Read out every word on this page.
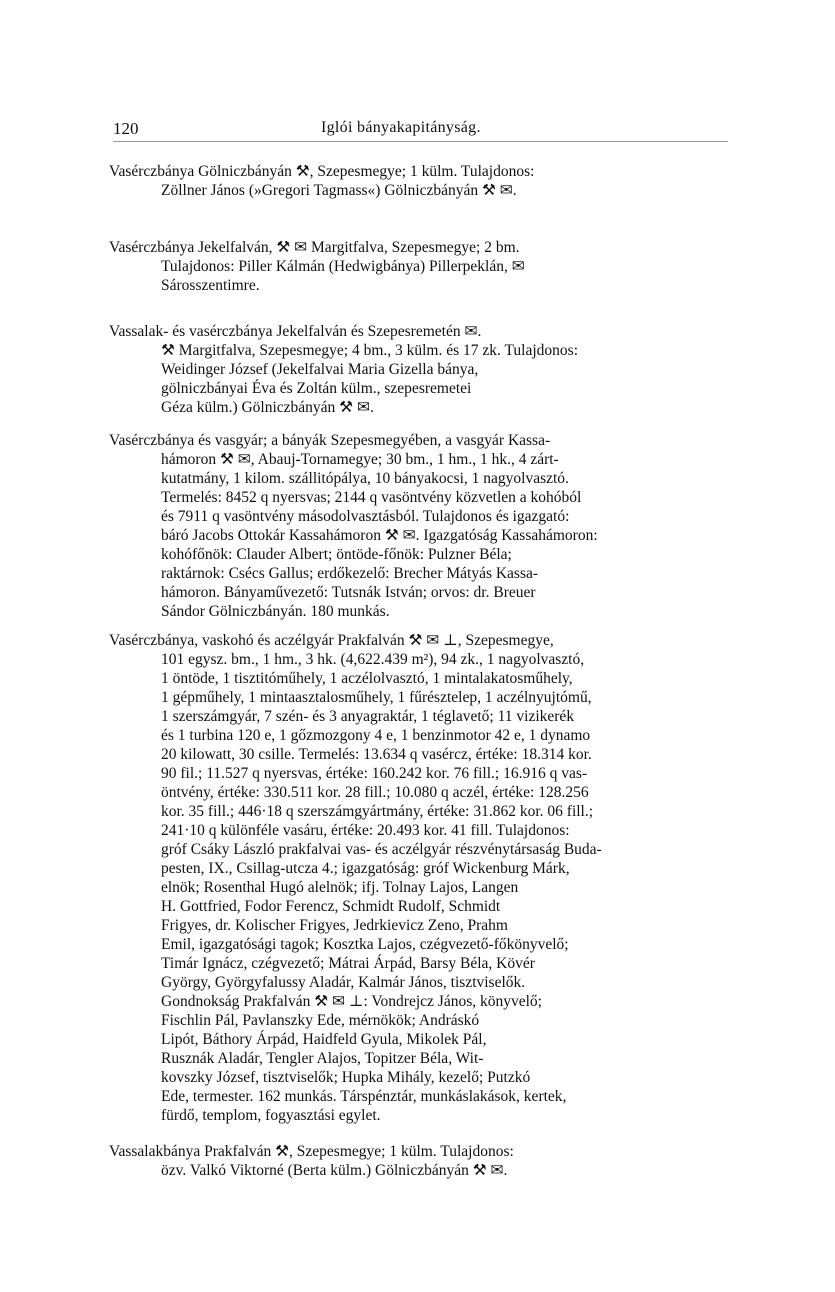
120	Iglói bányakapitányság.
Vasérczbánya Gölniczbányán ⚒, Szepesmegye; 1 külm. Tulajdonos:
Zöllner János (»Gregori Tagmass«) Gölniczbányán ⚒ ✉.
Vasérczbánya Jekelfalván, ⚒ ✉ Margitfalva, Szepesmegye; 2 bm.
Tulajdonos: Piller Kálmán (Hedwigbánya) Pillerpeklán, ✉
Sárosszentimre.
Vassalak- és vasérczbánya Jekelfalván és Szepesremetén ✉.
⚒ Margitfalva, Szepesmegye; 4 bm., 3 külm. és 17 zk. Tulajdonos:
Weidinger József (Jekelfalvai Maria Gizella bánya,
gölniczbányai Éva és Zoltán külm., szepesremetei
Géza külm.) Gölniczbányán ⚒ ✉.
Vasérczbánya és vasgyár; a bányák Szepesmegyében, a vasgyár Kassa-
hámoron ⚒ ✉, Abauj-Tornamegye; 30 bm., 1 hm., 1 hk., 4 zárt-
kutatmány, 1 kilom. szállitópálya, 10 bányakocsi, 1 nagyolvasztó.
Termelés: 8452 q nyersvas; 2144 q vasöntvény közvetlen a kohóból
és 7911 q vasöntvény másodolvasztásból. Tulajdonos és igazgató:
báró Jacobs Ottokár Kassahámoron ⚒ ✉. Igazgatóság Kassahámoron:
kohófőnök: Clauder Albert; öntöde-főnök: Pulzner Béla;
raktárnok: Csécs Gallus; erdőkezelő: Brecher Mátyás Kassa-
hámoron. Bányaművezető: Tutsnák István; orvos: dr. Breuer
Sándor Gölniczbányán. 180 munkás.
Vasérczbánya, vaskohó és aczélgyár Prakfalván ⚒ ✉ ⊥, Szepesmegye,
101 egysz. bm., 1 hm., 3 hk. (4,622.439 m²), 94 zk., 1 nagyolvasztó,
1 öntöde, 1 tisztitóműhely, 1 aczélolvasztó, 1 mintalakatosműhely,
1 gépműhely, 1 mintaasztalosműhely, 1 fűrésztelep, 1 aczélnyujtómű,
1 szerszámgyár, 7 szén- és 3 anyagraktár, 1 téglavető; 11 vizikerék
és 1 turbina 120 e, 1 gőzmozgony 4 e, 1 benzinmotor 42 e, 1 dynamo
20 kilowatt, 30 csille. Termelés: 13.634 q vasércz, értéke: 18.314 kor.
90 fil.; 11.527 q nyersvas, értéke: 160.242 kor. 76 fill.; 16.916 q vas-
öntvény, értéke: 330.511 kor. 28 fill.; 10.080 q aczél, értéke: 128.256
kor. 35 fill.; 446·18 q szerszámgyártmány, értéke: 31.862 kor. 06 fill.;
241·10 q különféle vasáru, értéke: 20.493 kor. 41 fill. Tulajdonos:
gróf Csáky László prakfalvai vas- és aczélgyár részvénytársaság Buda-
pesten, IX., Csillag-utcza 4.; igazgatóság: gróf Wickenburg Márk,
elnök; Rosenthal Hugó alelnök; ifj. Tolnay Lajos, Langen
H. Gottfried, Fodor Ferencz, Schmidt Rudolf, Schmidt
Frigyes, dr. Kolischer Frigyes, Jedrkievicz Zeno, Prahm
Emil, igazgatósági tagok; Kosztka Lajos, czégvezető-főkönyvelő;
Timár Ignácz, czégvezető; Mátrai Árpád, Barsy Béla, Kövér
György, Györgyfalussy Aladár, Kalmár János, tisztviselők.
Gondnokság Prakfalván ⚒ ✉ ⊥: Vondrejcz János, könyvelő;
Fischlin Pál, Pavlanszky Ede, mérnökök; Andráskó
Lipót, Báthory Árpád, Haidfeld Gyula, Mikolek Pál,
Rusznák Aladár, Tengler Alajos, Topitzer Béla, Wit-
kovszky József, tisztviselők; Hupka Mihály, kezelő; Putzkó
Ede, termester. 162 munkás. Társpénztár, munkáslakások, kertek,
fürdő, templom, fogyasztási egylet.
Vassalakbánya Prakfalván ⚒, Szepesmegye; 1 külm. Tulajdonos:
özv. Valkó Viktorné (Berta külm.) Gölniczbányán ⚒ ✉.
